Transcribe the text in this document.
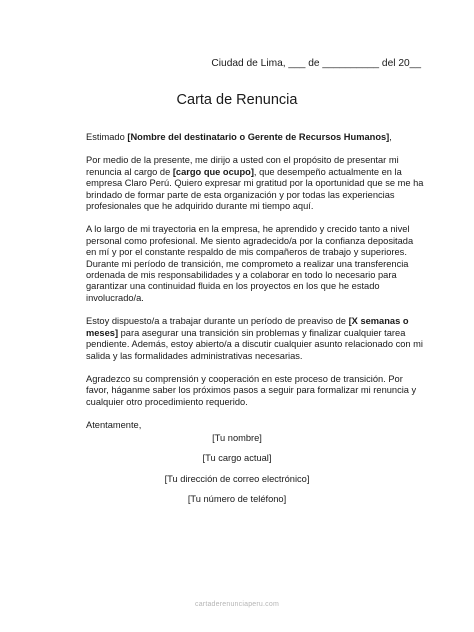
Ciudad de Lima, ___ de __________ del 20__
Carta de Renuncia

Estimado [Nombre del destinatario o Gerente de Recursos Humanos],

Por medio de la presente, me dirijo a usted con el propósito de presentar mi renuncia al cargo de [cargo que ocupo], que desempeño actualmente en la empresa Claro Perú. Quiero expresar mi gratitud por la oportunidad que se me ha brindado de formar parte de esta organización y por todas las experiencias profesionales que he adquirido durante mi tiempo aquí.

A lo largo de mi trayectoria en la empresa, he aprendido y crecido tanto a nivel personal como profesional. Me siento agradecido/a por la confianza depositada en mí y por el constante respaldo de mis compañeros de trabajo y superiores. Durante mi período de transición, me comprometo a realizar una transferencia ordenada de mis responsabilidades y a colaborar en todo lo necesario para garantizar una continuidad fluida en los proyectos en los que he estado involucrado/a.

Estoy dispuesto/a a trabajar durante un período de preaviso de [X semanas o meses] para asegurar una transición sin problemas y finalizar cualquier tarea pendiente. Además, estoy abierto/a a discutir cualquier asunto relacionado con mi salida y las formalidades administrativas necesarias.

Agradezco su comprensión y cooperación en este proceso de transición. Por favor, háganme saber los próximos pasos a seguir para formalizar mi renuncia y cualquier otro procedimiento requerido.

Atentamente,

[Tu nombre]
[Tu cargo actual]
[Tu dirección de correo electrónico]
[Tu número de teléfono]
cartaderenunciaperu.com
